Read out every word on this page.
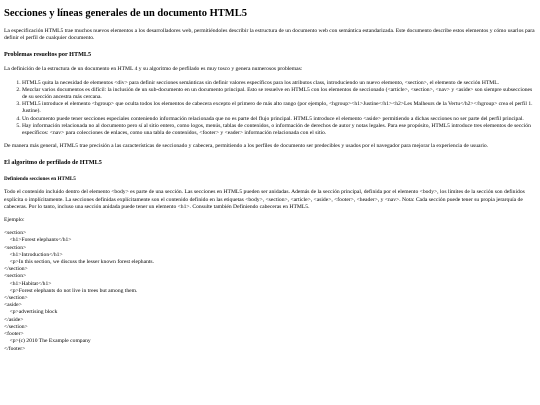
Secciones y líneas generales de un documento HTML5

La especificación HTML5 trae muchos nuevos elementos a los desarrolladores web, permitiéndoles describir la estructura de un documento web con semántica estandarizada. Este documento describe estos elementos y cómo usarlos para definir el perfil de cualquier documento.

Problemas resueltos por HTML5

La definición de la estructura de un documento en HTML 4 y su algoritmo de perfilado es muy tosco y genera numerosos problemas:

1. HTML5 quita la necesidad de elementos <div> para definir secciones semánticas sin definir valores específicos para los atributos class, introduciendo un nuevo elemento, <section>, el elemento de sección HTML.
2. Mezclar varios documentos es difícil: la inclusión de un sub-documento en un documento principal. Esto se resuelve en HTML5 con los elementos de seccionado (<article>, <section>, <nav> y <aside> son siempre subsecciones de su sección ancestra más cercana.
3. HTML5 introduce el elemento <hgroup> que oculta todos los elementos de cabecera excepto el primero de más alto rango (por ejemplo, <hgroup><h1>Justine</h1><h2>Les Malheurs de la Vertu</h2></hgroup> crea el perfil 1. Justine).
4. Un documento puede tener secciones especiales conteniendo información relacionada que no es parte del flujo principal. HTML5 introduce el elemento <aside> permitiendo a dichas secciones no ser parte del perfil principal.
5. Hay información relacionada no al documento pero sí al sitio entero, como logos, menús, tablas de contenidos, o información de derechos de autor y notas legales. Para ese propósito, HTML5 introduce tres elementos de sección específicos: <nav> para colecciones de enlaces, como una tabla de contenidos, <footer> y <eader> información relacionada con el sitio.

De manera más general, HTML5 trae precisión a las características de seccionado y cabecera, permitiendo a los perfiles de documento ser predecibles y usados por el navegador para mejorar la experiencia de usuario.

El algoritmo de perfilado de HTML5
Definiendo secciones en HTML5

Todo el contenido incluido dentro del elemento <body> es parte de una sección. Las secciones en HTML5 pueden ser anidadas. Además de la sección principal, definida por el elemento <body>, los límites de la sección son definidos explícita o implícitamente. La secciones definidas explícitamente son el contenido definido en las etiquetas <body>, <section>, <article>, <aside>, <footer>, <header>, y <nav>. Nota: Cada sección puede tener su propia jerarquía de cabeceras. Por lo tanto, incluso una sección anidada puede tener un elemento <h1>. Consulte también Definiendo cabeceras en HTML5.

Ejemplo:

<section>
<h1>Forest elephants</h1>
<section>
<h1>Introduction</h1>
<p>In this section, we discuss the lesser known forest elephants.
</section>
<section>
<h1>Habitat</h1>
<p>Forest elephants do not live in trees but among them.
</section>
<aside>
<p>advertising block
</aside>
</section>
<footer>
<p>(c) 2010 The Example company
</footer>
